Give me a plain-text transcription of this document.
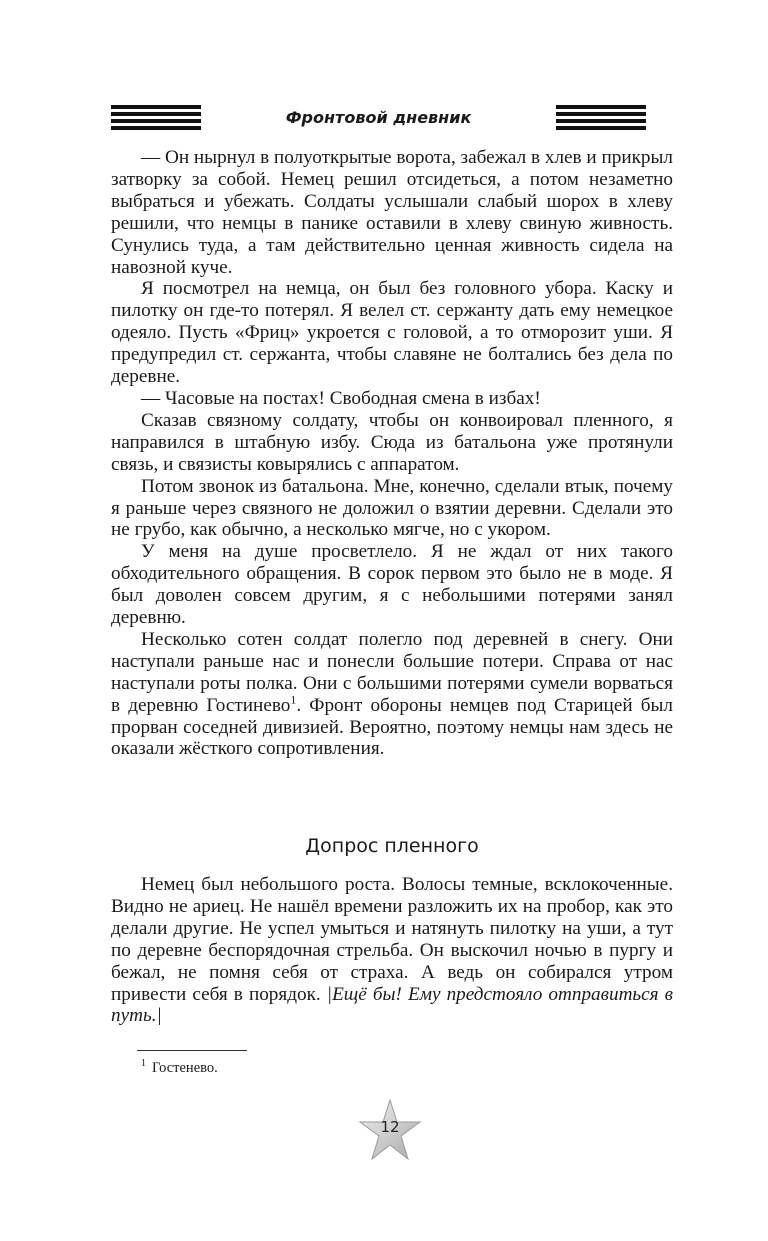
Фронтовой дневник

— Он нырнул в полуоткрытые ворота, забежал в хлев и прикрыл затворку за собой. Немец решил отсидеться, а потом незаметно выбраться и убежать. Солдаты услышали слабый шорох в хлеву решили, что немцы в панике оставили в хлеву свиную живность. Сунулись туда, а там действительно ценная живность сидела на навозной куче.

Я посмотрел на немца, он был без головного убора. Каску и пилотку он где-то потерял. Я велел ст. сержанту дать ему немецкое одеяло. Пусть «Фриц» укроется с головой, а то отморозит уши. Я предупредил ст. сержанта, чтобы славяне не болтались без дела по деревне.

— Часовые на постах! Свободная смена в избах!

Сказав связному солдату, чтобы он конвоировал пленного, я направился в штабную избу. Сюда из батальона уже протянули связь, и связисты ковырялись с аппаратом.

Потом звонок из батальона. Мне, конечно, сделали втык, почему я раньше через связного не доложил о взятии деревни. Сделали это не грубо, как обычно, а несколько мягче, но с укором.

У меня на душе просветлело. Я не ждал от них такого обходительного обращения. В сорок первом это было не в моде. Я был доволен совсем другим, я с небольшими потерями занял деревню.

Несколько сотен солдат полегло под деревней в снегу. Они наступали раньше нас и понесли большие потери. Справа от нас наступали роты полка. Они с большими потерями сумели ворваться в деревню Гостинево$^1$. Фронт обороны немцев под Старицей был прорван соседней дивизией. Вероятно, поэтому немцы нам здесь не оказали жёсткого сопротивления.

Допрос пленного

Немец был небольшого роста. Волосы темные, всклокоченные. Видно не ариец. Не нашёл времени разложить их на пробор, как это делали другие. Не успел умыться и натянуть пилотку на уши, а тут по деревне беспорядочная стрельба. Он выскочил ночью в пургу и бежал, не помня себя от страха. А ведь он собирался утром привести себя в порядок. |Ещё бы! Ему предстояло отправиться в путь.|

$^1$ Гостенево.
12
